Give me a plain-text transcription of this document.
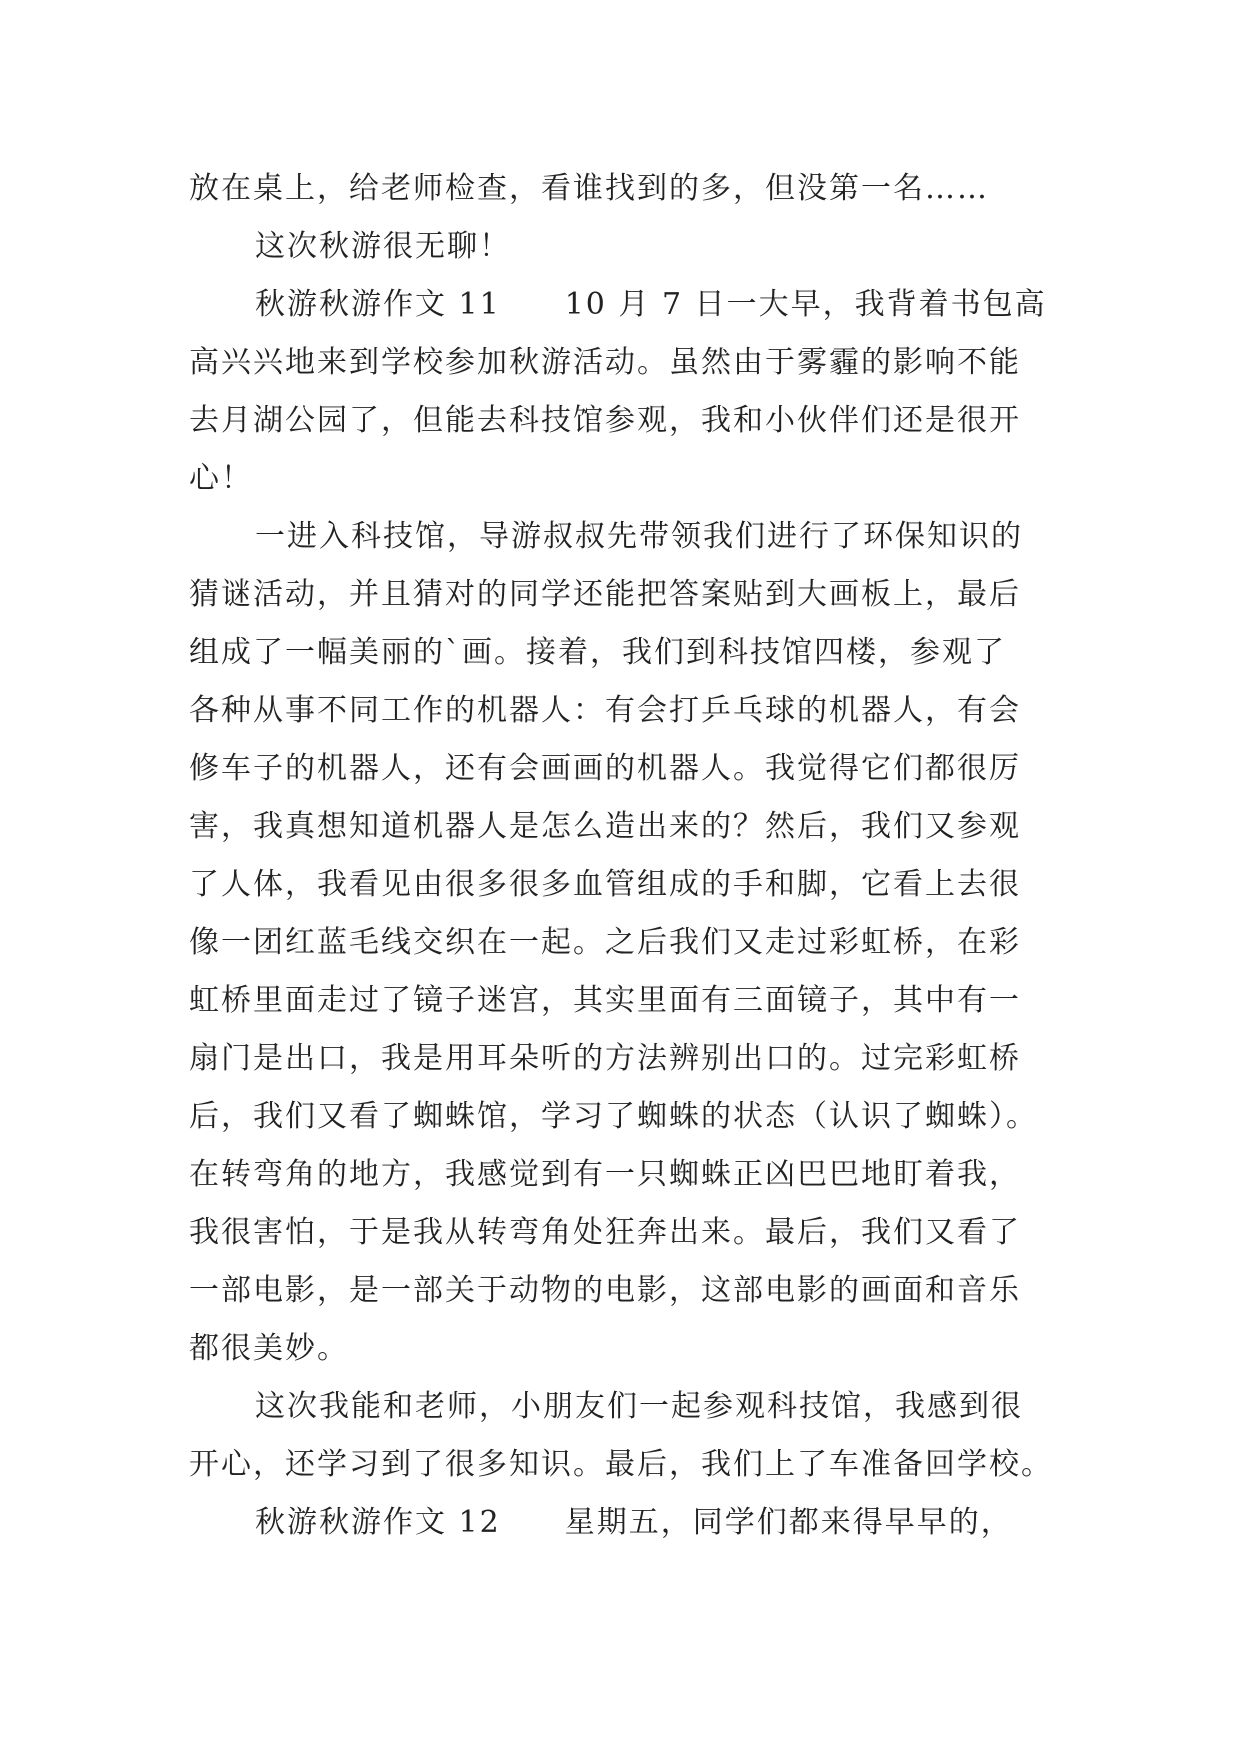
放在桌上，给老师检查，看谁找到的多，但没第一名……
这次秋游很无聊！
秋游秋游作文 11　　10 月 7 日一大早，我背着书包高
高兴兴地来到学校参加秋游活动。虽然由于雾霾的影响不能
去月湖公园了，但能去科技馆参观，我和小伙伴们还是很开
心！
一进入科技馆，导游叔叔先带领我们进行了环保知识的
猜谜活动，并且猜对的同学还能把答案贴到大画板上，最后
组成了一幅美丽的`画。接着，我们到科技馆四楼，参观了
各种从事不同工作的机器人：有会打乒乓球的机器人，有会
修车子的机器人，还有会画画的机器人。我觉得它们都很厉
害，我真想知道机器人是怎么造出来的？然后，我们又参观
了人体，我看见由很多很多血管组成的手和脚，它看上去很
像一团红蓝毛线交织在一起。之后我们又走过彩虹桥，在彩
虹桥里面走过了镜子迷宫，其实里面有三面镜子，其中有一
扇门是出口，我是用耳朵听的方法辨别出口的。过完彩虹桥
后，我们又看了蜘蛛馆，学习了蜘蛛的状态（认识了蜘蛛）。
在转弯角的地方，我感觉到有一只蜘蛛正凶巴巴地盯着我，
我很害怕，于是我从转弯角处狂奔出来。最后，我们又看了
一部电影，是一部关于动物的电影，这部电影的画面和音乐
都很美妙。
这次我能和老师，小朋友们一起参观科技馆，我感到很
开心，还学习到了很多知识。最后，我们上了车准备回学校。
秋游秋游作文 12　　星期五，同学们都来得早早的，
